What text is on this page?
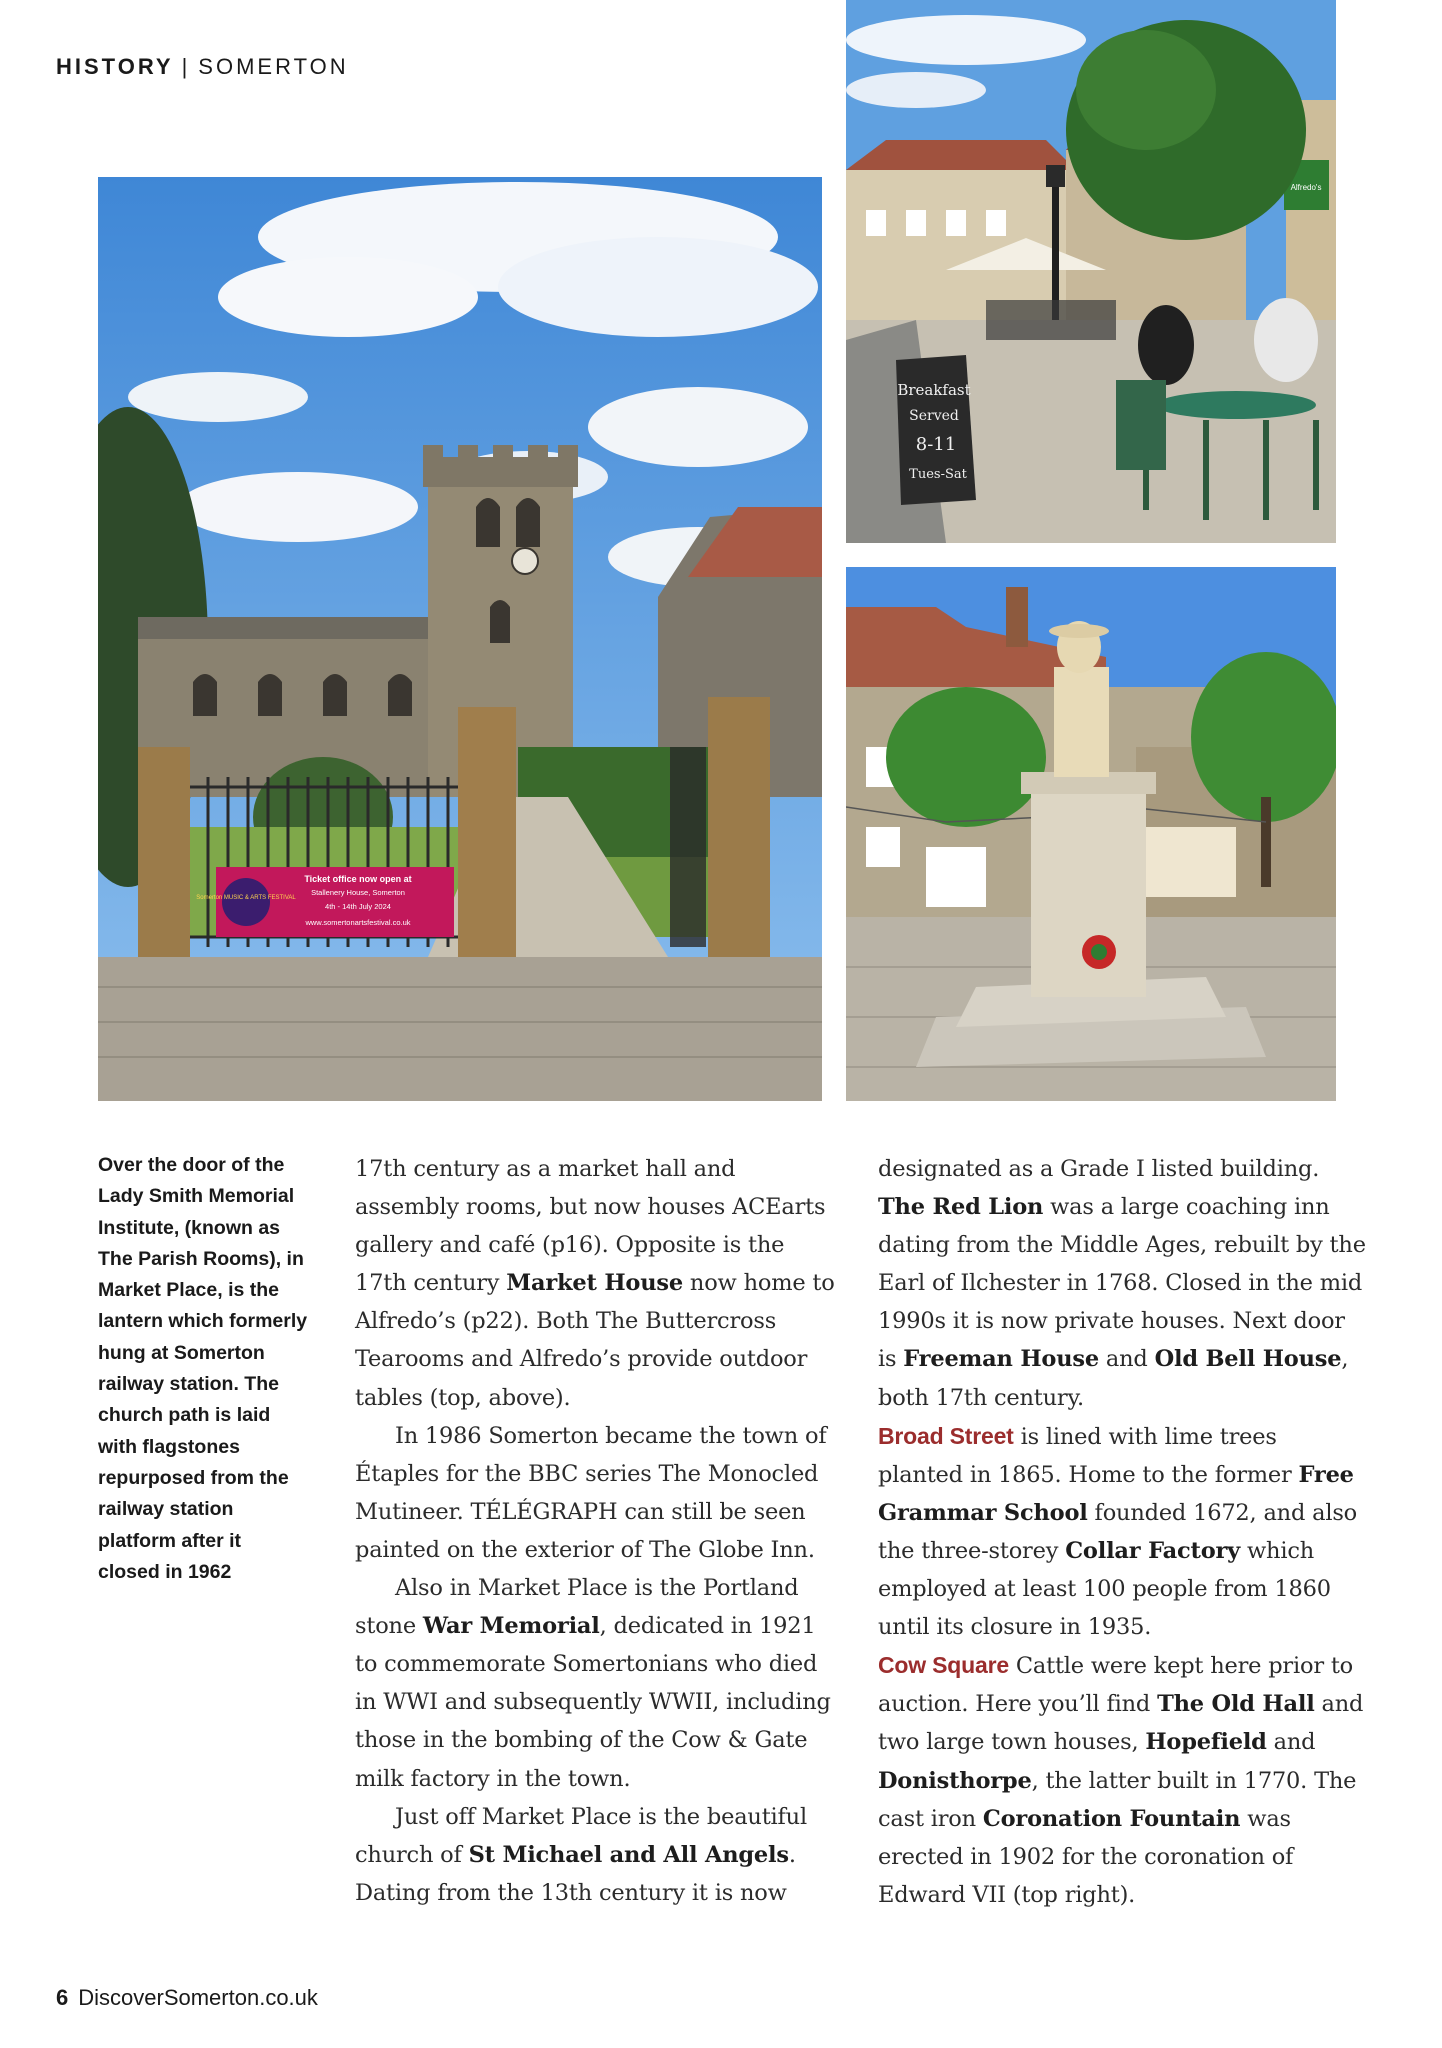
HISTORY | SOMERTON
Somerton MUSIC & ARTS FESTIVAL
Ticket office now open at
Stallenery House, Somerton
4th - 14th July 2024
www.somertonartsfestival.co.uk
Alfredo's
Breakfast
Served
8-11
Tues-Sat
Over the door of the Lady Smith Memorial Institute, (known as The Parish Rooms), in Market Place, is the lantern which formerly hung at Somerton railway station. The church path is laid with flagstones repurposed from the railway station platform after it closed in 1962

17th century as a market hall and assembly rooms, but now houses ACEarts gallery and café (p16). Opposite is the 17th century Market House now home to Alfredo’s (p22). Both The Buttercross Tearooms and Alfredo’s provide outdoor tables (top, above).

In 1986 Somerton became the town of Étaples for the BBC series The Monocled Mutineer. TÉLÉGRAPH can still be seen painted on the exterior of The Globe Inn.

Also in Market Place is the Portland stone War Memorial, dedicated in 1921 to commemorate Somertonians who died in WWI and subsequently WWII, including those in the bombing of the Cow & Gate milk factory in the town.

Just off Market Place is the beautiful church of St Michael and All Angels. Dating from the 13th century it is now

designated as a Grade I listed building. The Red Lion was a large coaching inn dating from the Middle Ages, rebuilt by the Earl of Ilchester in 1768. Closed in the mid 1990s it is now private houses. Next door is Freeman House and Old Bell House, both 17th century.

Broad Street is lined with lime trees planted in 1865. Home to the former Free Grammar School founded 1672, and also the three-storey Collar Factory which employed at least 100 people from 1860 until its closure in 1935.

Cow Square Cattle were kept here prior to auction. Here you’ll find The Old Hall and two large town houses, Hopefield and Donisthorpe, the latter built in 1770. The cast iron Coronation Fountain was erected in 1902 for the coronation of Edward VII (top right).

6 DiscoverSomerton.co.uk
